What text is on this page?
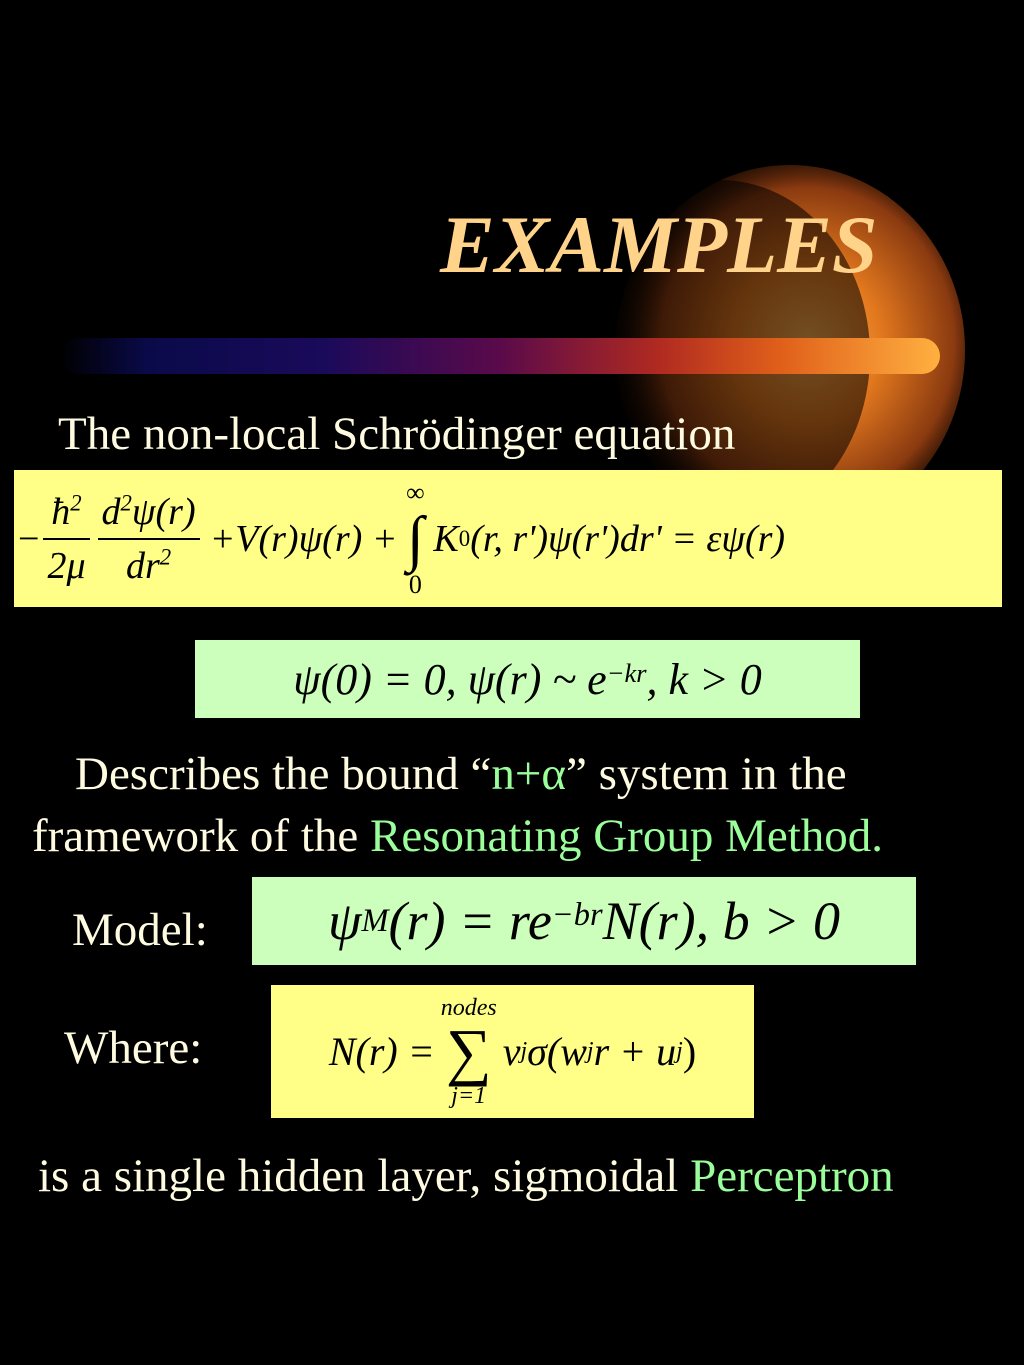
EXAMPLES
The non-local Schrödinger equation
− $\frac{ħ^2}{2\mu} \frac{d^2\psi(r)}{dr^2} +V(r)\psi(r)$ +
∞
∫
0
K 0 (r, r')ψ(r')dr' = εψ(r)
ψ(0) = 0, ψ(r) ~ $e^{-kr}$ , k > 0
Describes the bound “n+α” system in the
framework of the Resonating Group Method.
Model: ψ M $(r) = re^{-br}$ N(r), b > 0
Where:	N(r) =
nodes
∑
j=1
v j σ(w j r + u j )
is a single hidden layer, sigmoidal Perceptron
